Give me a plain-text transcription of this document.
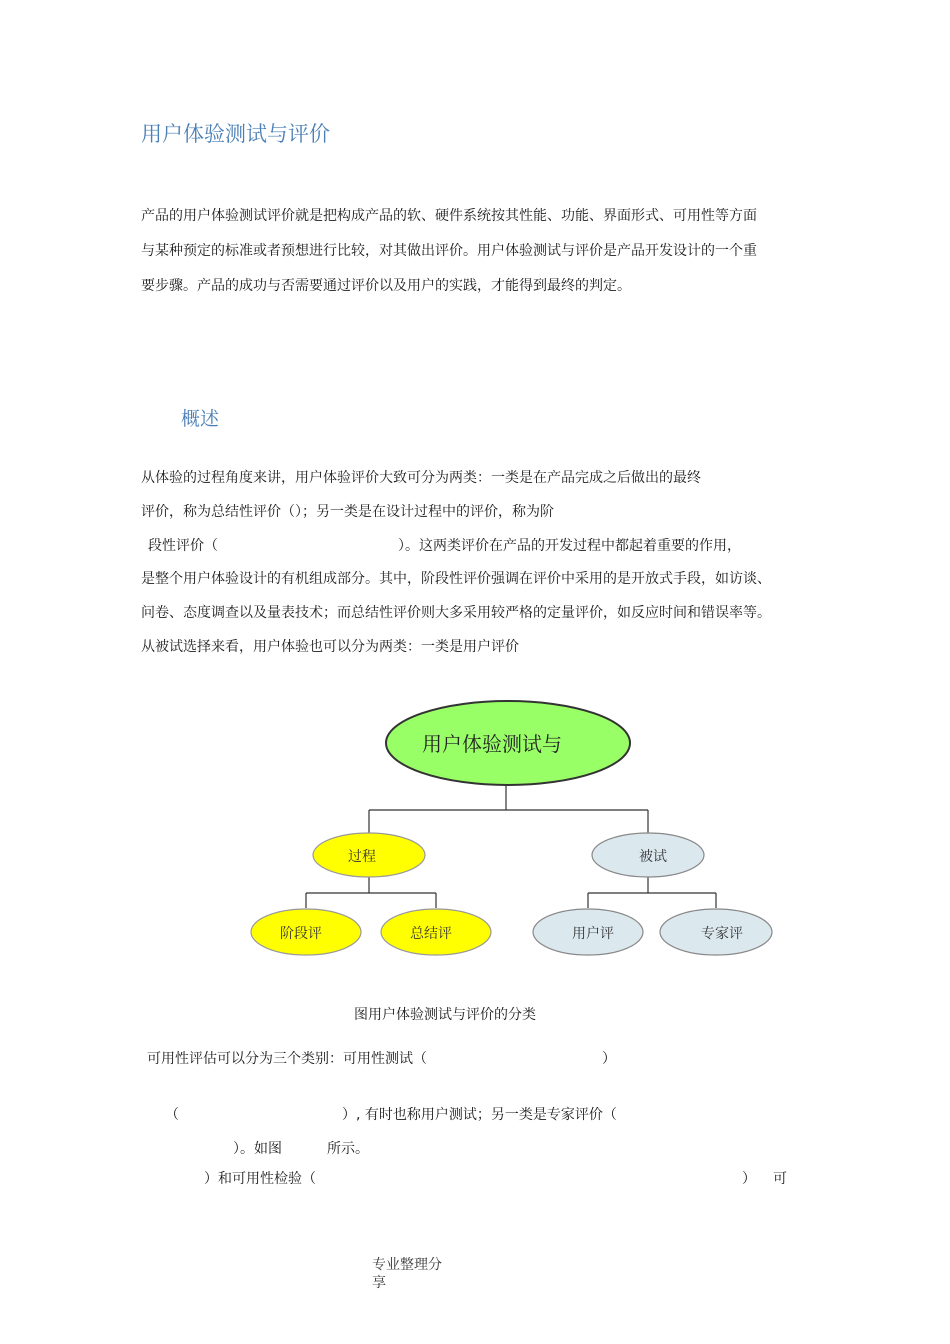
用户体验测试与评价
产品的用户体验测试评价就是把构成产品的软、硬件系统按其性能、功能、界面形式、可用性等方面
与某种预定的标准或者预想进行比较，对其做出评价。用户体验测试与评价是产品开发设计的一个重
要步骤。产品的成功与否需要通过评价以及用户的实践，才能得到最终的判定。
概述
从体验的过程角度来讲，用户体验评价大致可分为两类：一类是在产品完成之后做出的最终
评价，称为总结性评价（）；另一类是在设计过程中的评价，称为阶
段性评价（	）。这两类评价在产品的开发过程中都起着重要的作用，
是整个用户体验设计的有机组成部分。其中，阶段性评价强调在评价中采用的是开放式手段，如访谈、
问卷、态度调查以及量表技术；而总结性评价则大多采用较严格的定量评价，如反应时间和错误率等。
从被试选择来看，用户体验也可以分为两类：一类是用户评价
用户体验测试与
过程	被试
阶段评	总结评	用户评	专家评
图用户体验测试与评价的分类
可用性评估可以分为三个类别：可用性测试（	）
（	）, 有时也称用户测试；另一类是专家评价（
）。如图	所示。
）和可用性检验（	） 可
专业整理分享
